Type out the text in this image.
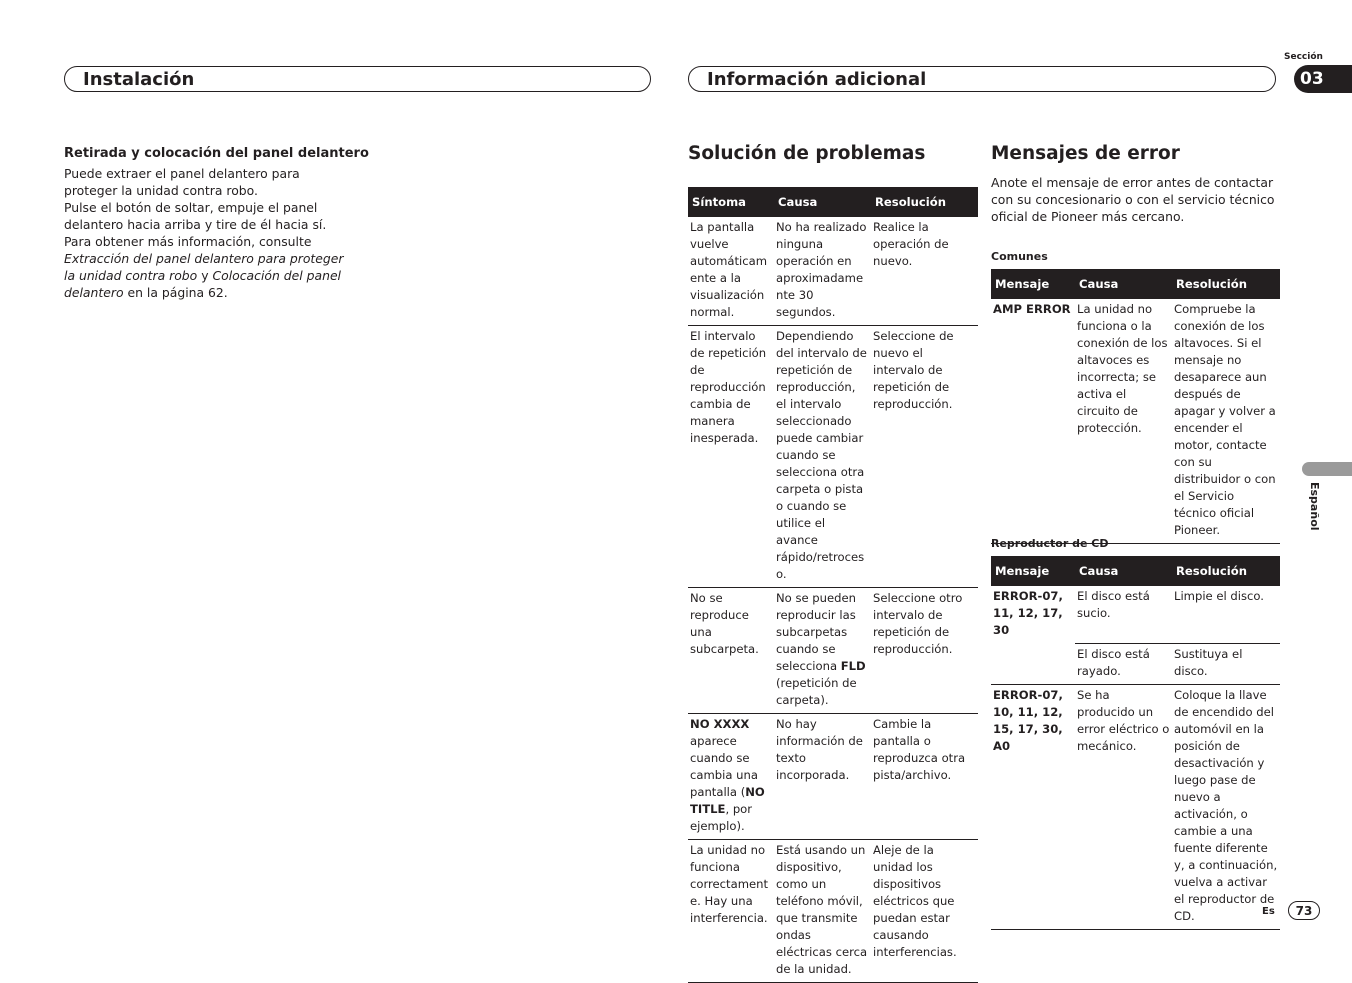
Instalación	Información adicional
Sección
03
Español
Retirada y colocación del panel delantero

Puede extraer el panel delantero para proteger la unidad contra robo.

Pulse el botón de soltar, empuje el panel delantero hacia arriba y tire de él hacia sí.

Para obtener más información, consulte Extracción del panel delantero para proteger la unidad contra robo y Colocación del panel delantero en la página 62.

Solución de problemas
Síntoma	Causa	Resolución
La pantalla vuelve automáticamente a la visualización normal.	No ha realizado ninguna operación en aproximadamente 30 segundos.	Realice la operación de nuevo.
El intervalo de repetición de reproducción cambia de manera inesperada.	Dependiendo del intervalo de repetición de reproducción, el intervalo seleccionado puede cambiar cuando se selecciona otra carpeta o pista o cuando se utilice el avance rápido/retroceso.	Seleccione de nuevo el intervalo de repetición de reproducción.
No se reproduce una subcarpeta.	No se pueden reproducir las subcarpetas cuando se selecciona FLD (repetición de carpeta).	Seleccione otro intervalo de repetición de reproducción.
NO XXXX aparece cuando se cambia una pantalla (NO TITLE, por ejemplo).	No hay información de texto incorporada.	Cambie la pantalla o reproduzca otra pista/archivo.
La unidad no funciona correctamente. Hay una interferencia.	Está usando un dispositivo, como un teléfono móvil, que transmite ondas eléctricas cerca de la unidad.	Aleje de la unidad los dispositivos eléctricos que puedan estar causando interferencias.
Mensajes de error
Anote el mensaje de error antes de contactar con su concesionario o con el servicio técnico oficial de Pioneer más cercano.
Comunes
Mensaje	Causa	Resolución
AMP ERROR	La unidad no funciona o la conexión de los altavoces es incorrecta; se activa el circuito de protección.	Compruebe la conexión de los altavoces. Si el mensaje no desaparece aun después de apagar y volver a encender el motor, contacte con su distribuidor o con el Servicio técnico oficial Pioneer.
Reproductor de CD
Mensaje	Causa	Resolución
ERROR-07, 11, 12, 17, 30	El disco está sucio.	Limpie el disco.
	El disco está rayado.	Sustituya el disco.
ERROR-07, 10, 11, 12, 15, 17, 30, A0	Se ha producido un error eléctrico o mecánico.	Coloque la llave de encendido del automóvil en la posición de desactivación y luego pase de nuevo a activación, o cambie a una fuente diferente y, a continuación, vuelva a activar el reproductor de CD.	Es 73
